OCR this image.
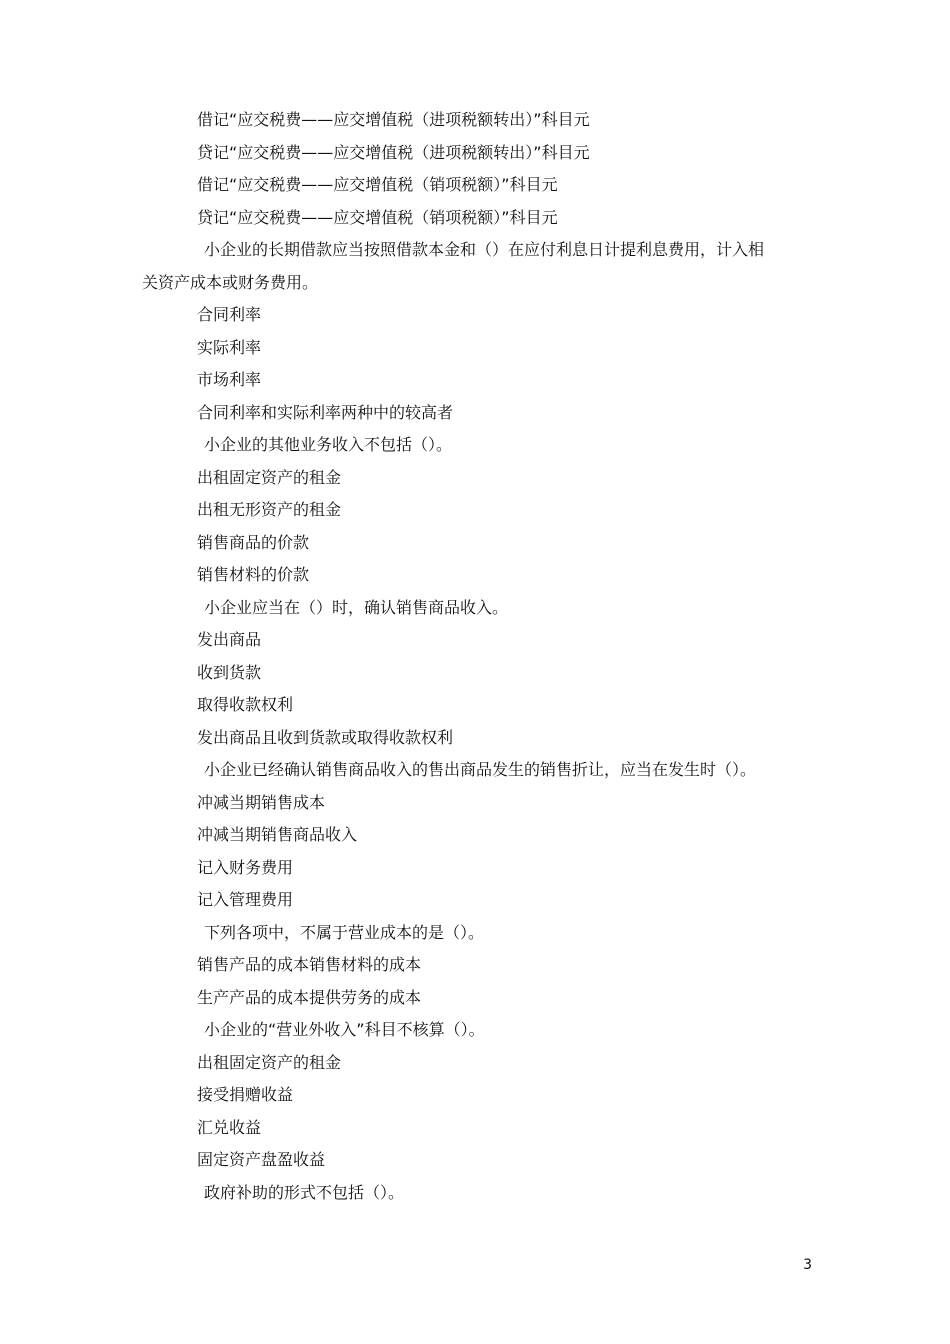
借记“应交税费——应交增值税（进项税额转出）”科目元
贷记“应交税费——应交增值税（进项税额转出）”科目元
借记“应交税费——应交增值税（销项税额）”科目元
贷记“应交税费——应交增值税（销项税额）”科目元
小企业的长期借款应当按照借款本金和（）在应付利息日计提利息费用，计入相
关资产成本或财务费用。
合同利率
实际利率
市场利率
合同利率和实际利率两种中的较高者
小企业的其他业务收入不包括（）。
出租固定资产的租金
出租无形资产的租金
销售商品的价款
销售材料的价款
小企业应当在（）时，确认销售商品收入。
发出商品
收到货款
取得收款权利
发出商品且收到货款或取得收款权利
小企业已经确认销售商品收入的售出商品发生的销售折让，应当在发生时（）。
冲减当期销售成本
冲减当期销售商品收入
记入财务费用
记入管理费用
下列各项中，不属于营业成本的是（）。
销售产品的成本销售材料的成本
生产产品的成本提供劳务的成本
小企业的“营业外收入”科目不核算（）。
出租固定资产的租金
接受捐赠收益
汇兑收益
固定资产盘盈收益
政府补助的形式不包括（）。
3
